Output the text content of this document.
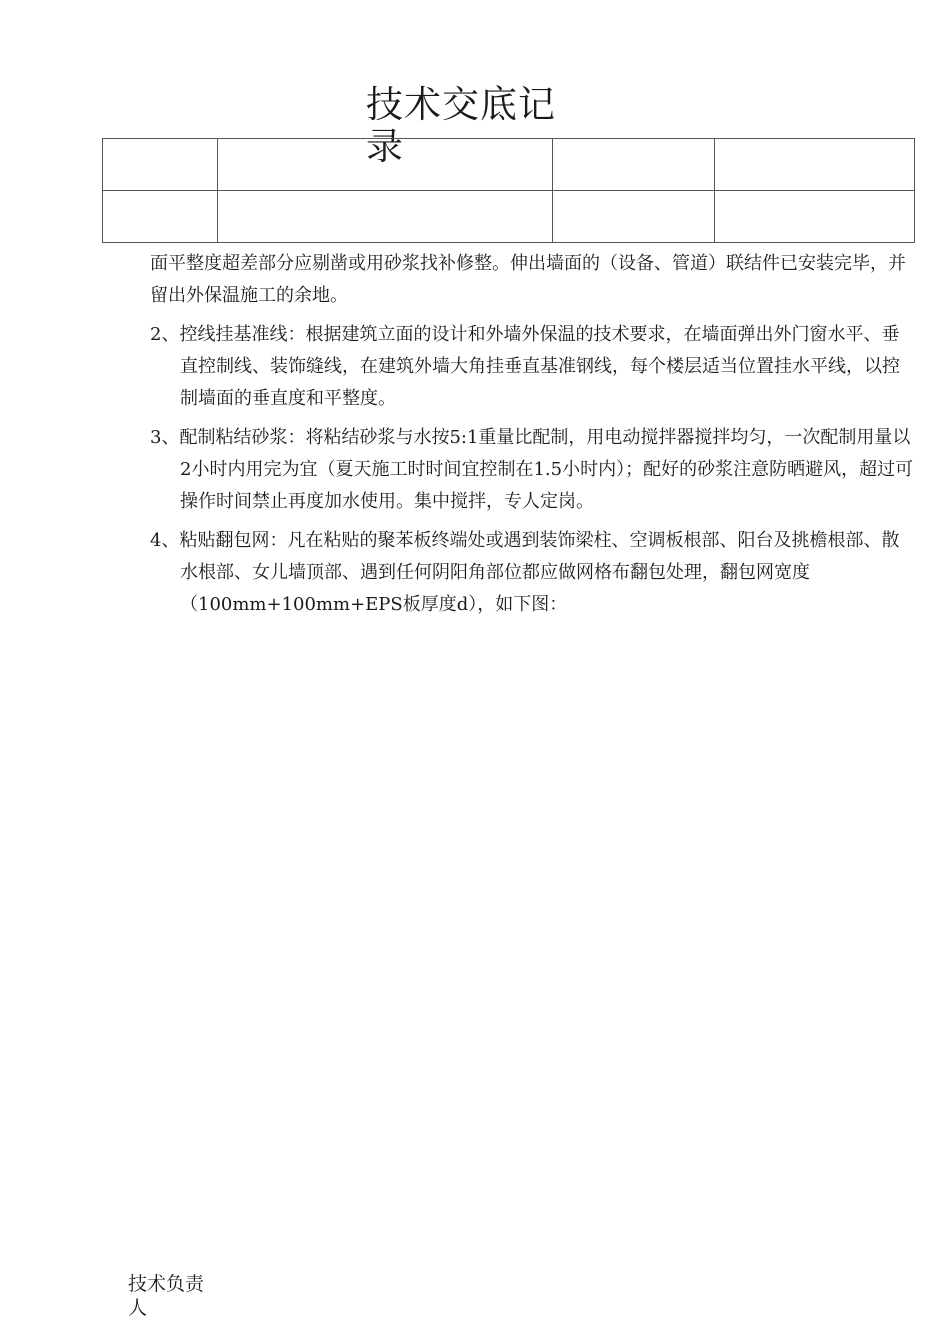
技术交底记录

面平整度超差部分应剔凿或用砂浆找补修整。伸出墙面的（设备、管道）联结件已安装完毕，并留出外保温施工的余地。

2、控线挂基准线：根据建筑立面的设计和外墙外保温的技术要求，在墙面弹出外门窗水平、垂直控制线、装饰缝线，在建筑外墙大角挂垂直基准钢线，每个楼层适当位置挂水平线，以控制墙面的垂直度和平整度。

3、配制粘结砂浆：将粘结砂浆与水按5:1重量比配制，用电动搅拌器搅拌均匀，一次配制用量以2小时内用完为宜（夏天施工时时间宜控制在1.5小时内）；配好的砂浆注意防晒避风，超过可操作时间禁止再度加水使用。集中搅拌，专人定岗。

4、粘贴翻包网：凡在粘贴的聚苯板终端处或遇到装饰梁柱、空调板根部、阳台及挑檐根部、散水根部、女儿墙顶部、遇到任何阴阳角部位都应做网格布翻包处理，翻包网宽度（100mm+100mm+EPS板厚度d），如下图：

技术负责人
